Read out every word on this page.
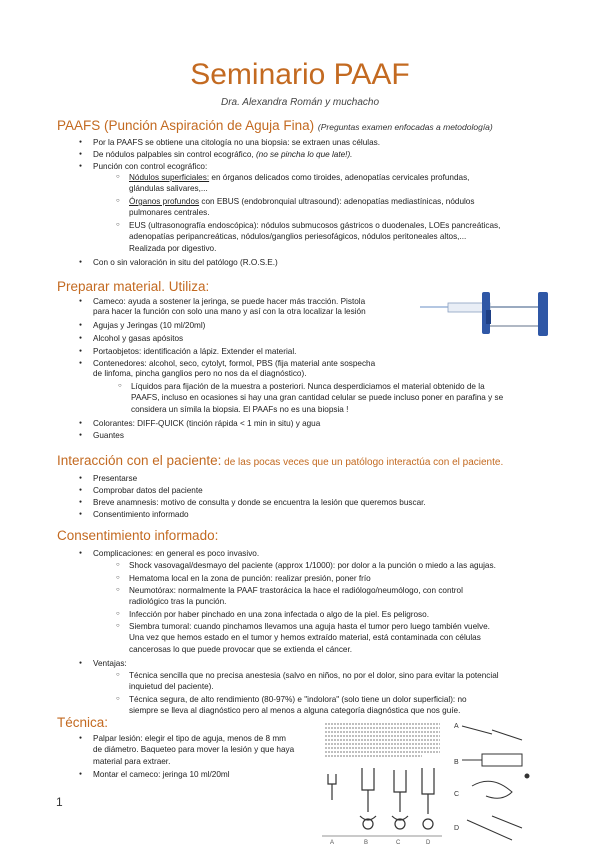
Seminario PAAF
Dra. Alexandra Román y muchacho
PAAFS (Punción Aspiración de Aguja Fina) (Preguntas examen enfocadas a metodología)
● Por la PAAFS se obtiene una citología no una biopsia: se extraen unas células.
● De nódulos palpables sin control ecográfico, (no se pincha lo que late!).
● Punción con control ecográfico:
○ Nódulos superficiales: en órganos delicados como tiroides, adenopatías cervicales profundas,
glándulas salivares,...
○ Órganos profundos con EBUS (endobronquial ultrasound): adenopatías mediastínicas, nódulos
pulmonares centrales.
○ EUS (ultrasonografía endoscópica): nódulos submucosos gástricos o duodenales, LOEs pancreáticas,
adenopatías peripancreáticas, nódulos/ganglios periesofágicos, nódulos peritoneales altos,...
Realizada por digestivo.
● Con o sin valoración in situ del patólogo (R.O.S.E.)
Preparar material. Utiliza:
● Cameco: ayuda a sostener la jeringa, se puede hacer más tracción. Pistola
para hacer la función con solo una mano y así con la otra localizar la lesión
● Agujas y Jeringas (10 ml/20ml)
● Alcohol y gasas apósitos
● Portaobjetos: identificación a lápiz. Extender el material.
● Contenedores: alcohol, seco, cytolyt, formol, PBS (fija material ante sospecha
de linfoma, pincha ganglios pero no nos da el diagnóstico).
○ Líquidos para fijación de la muestra a posteriori. Nunca desperdiciamos el material obtenido de la
PAAFS, incluso en ocasiones si hay una gran cantidad celular se puede incluso poner en parafina y se
considera un símila la biopsia. El PAAFs no es una biopsia !
● Colorantes: DIFF-QUICK (tinción rápida < 1 min in situ) y agua
● Guantes
Interacción con el paciente: de las pocas veces que un patólogo interactúa con el paciente.
● Presentarse
● Comprobar datos del paciente
● Breve anamnesis: motivo de consulta y donde se encuentra la lesión que queremos buscar.
● Consentimiento informado
Consentimiento informado:
● Complicaciones: en general es poco invasivo.
○ Shock vasovagal/desmayo del paciente (approx 1/1000): por dolor a la punción o miedo a las agujas.
○ Hematoma local en la zona de punción: realizar presión, poner frío
○ Neumotórax: normalmente la PAAF trastorácica la hace el radiólogo/neumólogo, con control
radiológico tras la punción.
○ Infección por haber pinchado en una zona infectada o algo de la piel. Es peligroso.
○ Siembra tumoral: cuando pinchamos llevamos una aguja hasta el tumor pero luego también vuelve.
Una vez que hemos estado en el tumor y hemos extraído material, está contaminada con células
cancerosas lo que puede provocar que se extienda el cáncer.
● Ventajas:
○ Técnica sencilla que no precisa anestesia (salvo en niños, no por el dolor, sino para evitar la potencial
inquietud del paciente).
○ Técnica segura, de alto rendimiento (80-97%) e "indolora" (solo tiene un dolor superficial): no
siempre se lleva al diagnóstico pero al menos a alguna categoría diagnóstica que nos guíe.
Técnica:
● Palpar lesión: elegir el tipo de aguja, menos de 8 mm
de diámetro. Baqueteo para mover la lesión y que haya
material para extraer.
● Montar el cameco: jeringa 10 ml/20ml
A	B	C	D
A
B
C
D
1
